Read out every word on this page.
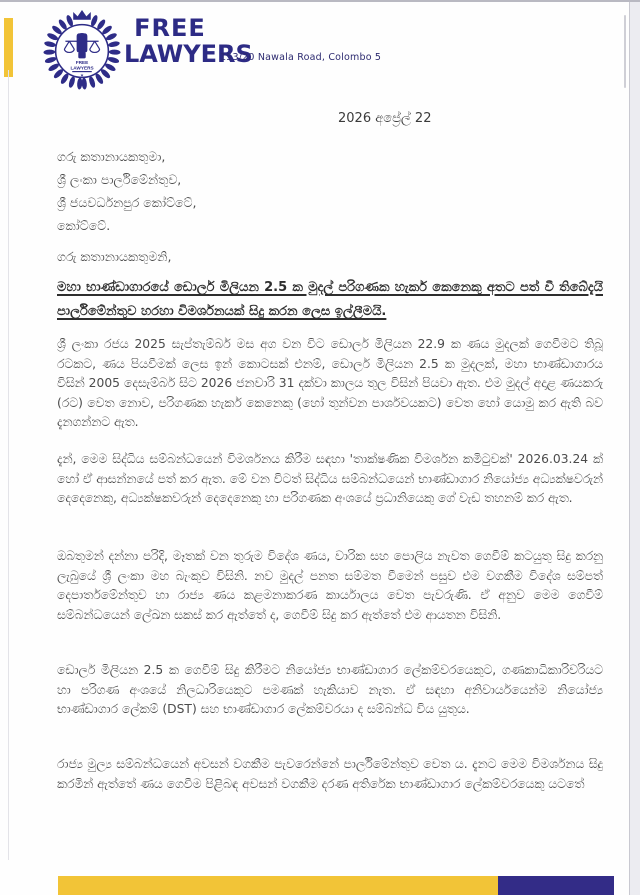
FREE
LAWYERS
★
FREE
LAWYERS
153/20 Nawala Road, Colombo 5
2026 අප්‍රේල් 22
ගරු කතානායකතුමා,
ශ්‍රී ලංකා පාර්ලිමේන්තුව,
ශ්‍රී ජයවර්ධනපුර කෝට්ටේ,
කෝට්ටේ.
ගරු කතානායකතුමනි,
මහා භාණ්ඩාගාරයේ ඩොලර් මිලියන 2.5 ක මුදල් පරිගණක හැකර් කෙනෙකු අතට පත් වී තිබේදැයි පාර්ලිමේන්තුව හරහා විමර්ශනයක් සිදු කරන ලෙස ඉල්ලීමයි.
ශ්‍රී ලංකා රජය 2025 සැප්තැම්බර් මස අග වන විට ඩොලර් මිලියන 22.9 ක ණය මුදලක් ගෙවීමට තිබූ රටකට, ණය පියවීමක් ලෙස ඉන් කොටසක් එනම්, ඩොලර් මිලියන 2.5 ක මුදලක්, මහා භාණ්ඩාගාරය විසින් 2005 දෙසැම්බර් සිට 2026 ජනවාරි 31 දක්වා කාලය තුල විසින් පියවා ඇත. එම මුදල් අදාළ ණයකරු (රට) වෙත නොව, පරිගණක හැකර් කෙනෙකු (හෝ තුන්වන පාර්ශවයකට) වෙත හෝ යොමු කර ඇති බව දැනගන්නට ඇත.
දැන්, මෙම සිද්ධිය සම්බන්ධයෙන් විමර්ශනය කිරීම සඳහා 'තාක්ෂණික විමර්ශන කමිටුවක්' 2026.03.24 ක් හෝ ඒ ආසන්නයේ පත් කර ඇත. මේ වන විටත් සිද්ධිය සම්බන්ධයෙන් භාණ්ඩාගාර නියෝජ්‍ය අධ්‍යක්ෂවරුන් දෙදෙනෙකු, අධ්‍යක්ෂකවරුන් දෙදෙනෙකු හා පරිගණක අංශයේ ප්‍රධානියෙකු ගේ වැඩ තහනම් කර ඇත.
ඔබතුමන් දන්නා පරිදි, මෑතක් වන තුරුම විදේශ ණය, වාරික සහ පොලිය නැවත ගෙවීම් කටයුතු සිදු කරනු ලැබුයේ ශ්‍රී ලංකා මහ බැංකුව විසිනි. නව මුදල් පනත සම්මත වීමෙන් පසුව එම වගකීම විදේශ සම්පත් දෙපාර්තමේන්තුව හා රාජ්‍ය ණය කළමනාකරණ කාර්යාලය වෙත පැවරුණි. ඒ අනුව මෙම ගෙවීම් සම්බන්ධයෙන් ලේඛන සකස් කර ඇත්තේ ද, ගෙවීම් සිදු කර ඇත්තේ එම ආයතන විසිනි.
ඩොලර් මිලියන 2.5 ක ගෙවීම් සිදු කිරීමට නියෝජ්‍ය භාණ්ඩාගාර ලේකම්වරයෙකුට, ගණකාධිකාරිවරියට හා පරිගණ අංශයේ නිලධාරියෙකුට පමණක් හැකියාව නැත. ඒ සඳහා අනිවාර්යයෙන්ම නියෝජ්‍ය භාණ්ඩාගාර ලේකම් (DST) සහ භාණ්ඩාගාර ලේකම්වරයා ද සම්බන්ධ විය යුතුය.
රාජ්‍ය මුල්‍ය සම්බන්ධයෙන් අවසන් වගකීම පැවරෙන්නේ පාර්ලිමේන්තුව වෙත ය. දැනට මෙම විමර්ශනය සිදු කරමින් ඇත්තේ ණය ගෙවීම පිළිබඳ අවසන් වගකීම දරණ අතිරේක භාණ්ඩාගාර ලේකම්වරයෙකු යටතේ
